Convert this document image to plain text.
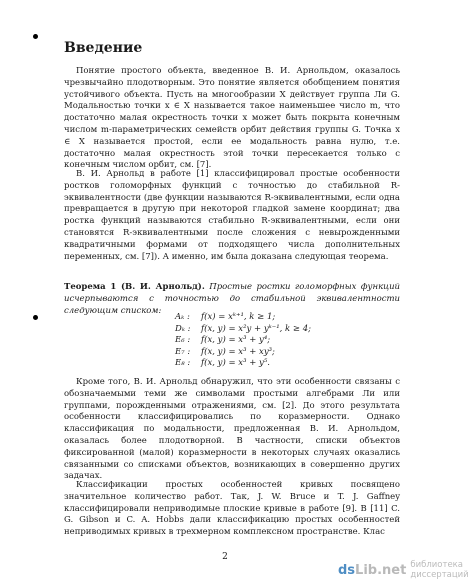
Введение

Понятие простого объекта, введенное В. И. Арнольдом, оказалось чрезвычайно плодотворным. Это понятие является обобщением понятия устойчивого объекта. Пусть на многообразии X действует группа Ли G. Модальностью точки x ∈ X называется такое наименьшее число m, что достаточно малая окрестность точки x может быть покрыта конечным числом m-параметрических семейств орбит действия группы G. Точка x ∈ X называется простой, если ее модальность равна нулю, т.е. достаточно малая окрестность этой точки пересекается только с конечным числом орбит, см. [7].

В. И. Арнольд в работе [1] классифицировал простые особенности ростков голоморфных функций с точностью до стабильной R-эквивалентности (две функции называются R-эквивалентными, если одна превращается в другую при некоторой гладкой замене координат; два ростка функций называются стабильно R-эквивалентными, если они становятся R-эквивалентными после сложения с невырожденными квадратичными формами от подходящего числа дополнительных переменных, см. [7]). А именно, им была доказана следующая теорема.

Теорема 1 (В. И. Арнольд). Простые ростки голоморфных функций исчерпываются с точностью до стабильной эквивалентности следующим списком:

Aₖ :	f(x) = xᵏ⁺¹, k ≥ 1;
Dₖ :	f(x, y) = x²y + yᵏ⁻¹, k ≥ 4;
E₆ :	f(x, y) = x³ + y⁴;
E₇ :	f(x, y) = x³ + xy³;
E₈ :	f(x, y) = x³ + y⁵.

Кроме того, В. И. Арнольд обнаружил, что эти особенности связаны с обозначаемыми теми же символами простыми алгебрами Ли или группами, порожденными отражениями, см. [2]. До этого результата особенности классифицировались по коразмерности. Однако классификация по модальности, предложенная В. И. Арнольдом, оказалась более плодотворной. В частности, списки объектов фиксированной (малой) коразмерности в некоторых случаях оказались связанными со списками объектов, возникающих в совершенно других задачах.

Классификации простых особенностей кривых посвящено значительное количество работ. Так, J. W. Bruce и T. J. Gaffney классифицировали неприводимые плоские кривые в работе [9]. В [11] C. G. Gibson и C. A. Hobbs дали классификацию простых особенностей неприводимых кривых в трехмерном комплексном пространстве. Клас

2
dsLib.net библиотека диссертаций
